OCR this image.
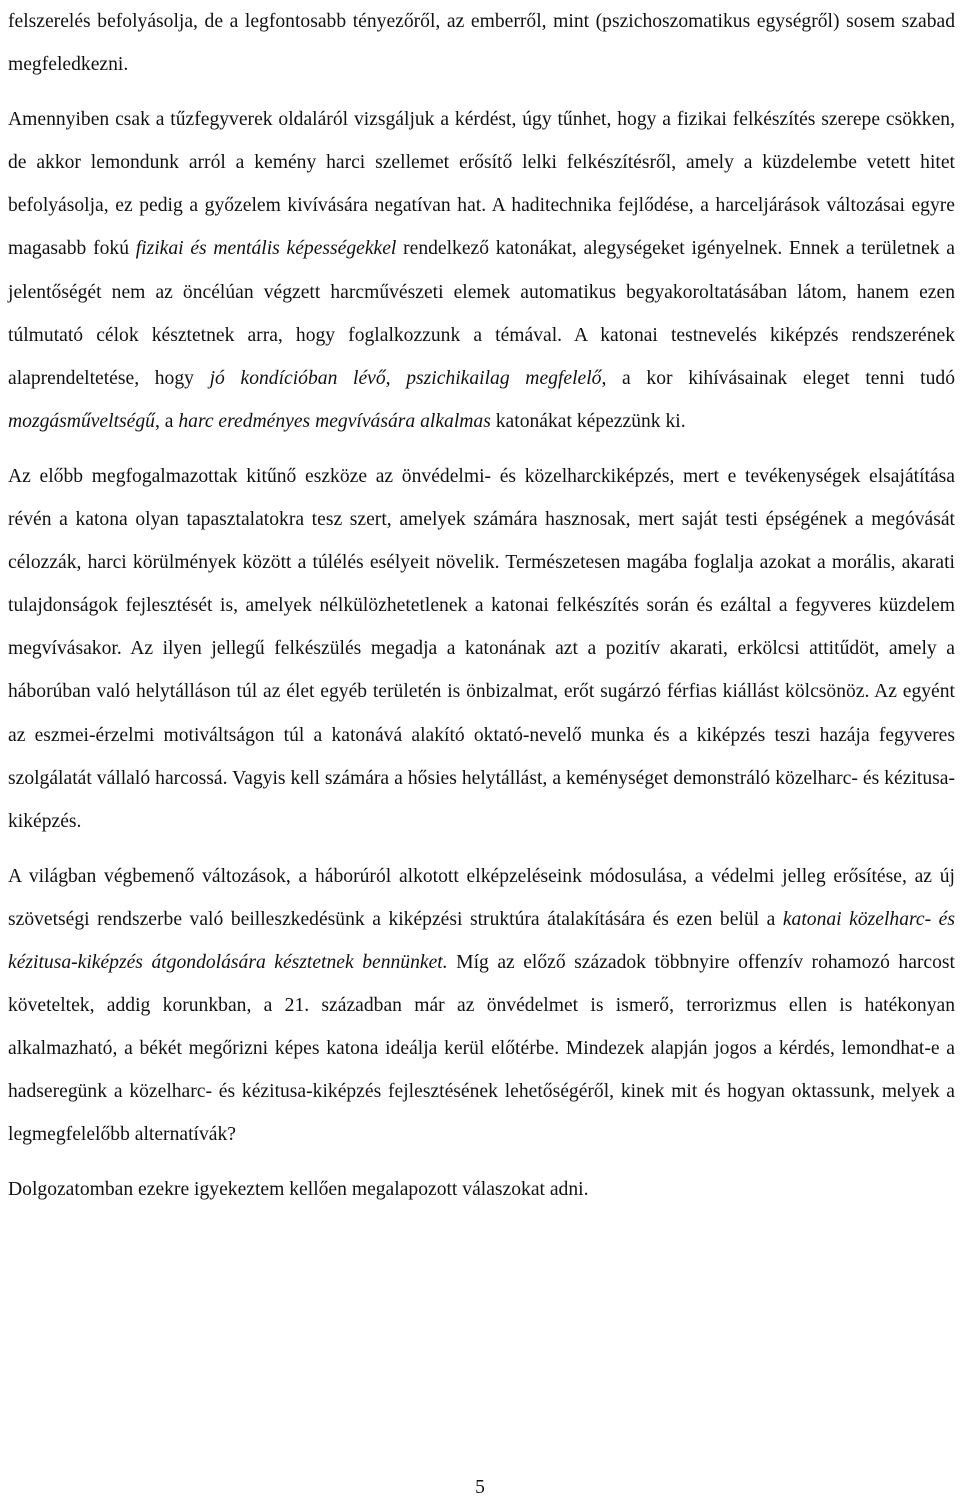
felszerelés befolyásolja, de a legfontosabb tényezőről, az emberről, mint (pszichoszomatikus egységről) sosem szabad megfeledkezni.

Amennyiben csak a tűzfegyverek oldaláról vizsgáljuk a kérdést, úgy tűnhet, hogy a fizikai felkészítés szerepe csökken, de akkor lemondunk arról a kemény harci szellemet erősítő lelki felkészítésről, amely a küzdelembe vetett hitet befolyásolja, ez pedig a győzelem kivívására negatívan hat. A haditechnika fejlődése, a harceljárások változásai egyre magasabb fokú fizikai és mentális képességekkel rendelkező katonákat, alegységeket igényelnek. Ennek a területnek a jelentőségét nem az öncélúan végzett harcművészeti elemek automatikus begyakoroltatásában látom, hanem ezen túlmutató célok késztetnek arra, hogy foglalkozzunk a témával. A katonai testnevelés kiképzés rendszerének alaprendeltetése, hogy jó kondícióban lévő, pszichikailag megfelelő, a kor kihívásainak eleget tenni tudó mozgásműveltségű, a harc eredményes megvívására alkalmas katonákat képezzünk ki.

Az előbb megfogalmazottak kitűnő eszköze az önvédelmi- és közelharckiképzés, mert e tevékenységek elsajátítása révén a katona olyan tapasztalatokra tesz szert, amelyek számára hasznosak, mert saját testi épségének a megóvását célozzák, harci körülmények között a túlélés esélyeit növelik. Természetesen magába foglalja azokat a morális, akarati tulajdonságok fejlesztését is, amelyek nélkülözhetetlenek a katonai felkészítés során és ezáltal a fegyveres küzdelem megvívásakor. Az ilyen jellegű felkészülés megadja a katonának azt a pozitív akarati, erkölcsi attitűdöt, amely a háborúban való helytálláson túl az élet egyéb területén is önbizalmat, erőt sugárzó férfias kiállást kölcsönöz. Az egyént az eszmei-érzelmi motiváltságon túl a katonává alakító oktató-nevelő munka és a kiképzés teszi hazája fegyveres szolgálatát vállaló harcossá. Vagyis kell számára a hősies helytállást, a keménységet demonstráló közelharc- és kézitusa-kiképzés.

A világban végbemenő változások, a háborúról alkotott elképzeléseink módosulása, a védelmi jelleg erősítése, az új szövetségi rendszerbe való beilleszkedésünk a kiképzési struktúra átalakítására és ezen belül a katonai közelharc- és kézitusa-kiképzés átgondolására késztetnek bennünket. Míg az előző századok többnyire offenzív rohamozó harcost követeltek, addig korunkban, a 21. században már az önvédelmet is ismerő, terrorizmus ellen is hatékonyan alkalmazható, a békét megőrizni képes katona ideálja kerül előtérbe. Mindezek alapján jogos a kérdés, lemondhat-e a hadseregünk a közelharc- és kézitusa-kiképzés fejlesztésének lehetőségéről, kinek mit és hogyan oktassunk, melyek a legmegfelelőbb alternatívák?

Dolgozatomban ezekre igyekeztem kellően megalapozott válaszokat adni.

5
